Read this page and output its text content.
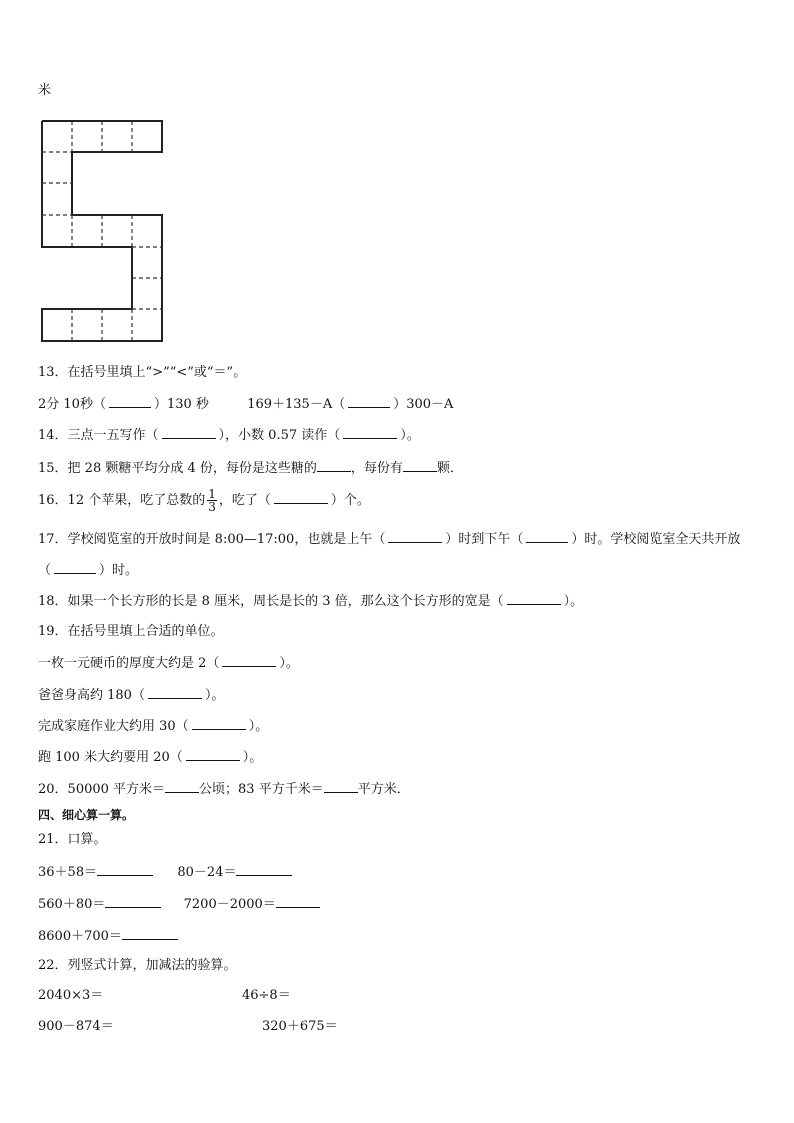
米
13．在括号里填上“>”“<”或“＝”。
2分 10秒（	）130 秒	169＋135－A（	）300－A
14．三点一五写作（	），小数 0.57 读作（	）。
15．把 28 颗糖平均分成 4 份，每份是这些糖的	，每份有	颗．
16．12 个苹果，吃了总数的 $\frac{1}{3}$ ，吃了（	）个。
17．学校阅览室的开放时间是 8:00—17:00，也就是上午（	）时到下午（	）时。学校阅览室全天共开放
（	）时。
18．如果一个长方形的长是 8 厘米，周长是长的 3 倍，那么这个长方形的宽是（	）。
19．在括号里填上合适的单位。
一枚一元硬币的厚度大约是 2（	）。
爸爸身高约 180（	）。
完成家庭作业大约用 30（	）。
跑 100 米大约要用 20（	）。
20．50000 平方米＝	公顷；83 平方千米＝	平方米．
四、细心算一算。
21．口算。
36＋58＝	80－24＝
560＋80＝	7200－2000＝
8600＋700＝
22．列竖式计算，加减法的验算。
2040×3＝	46÷8＝
900－874＝	320＋675＝
